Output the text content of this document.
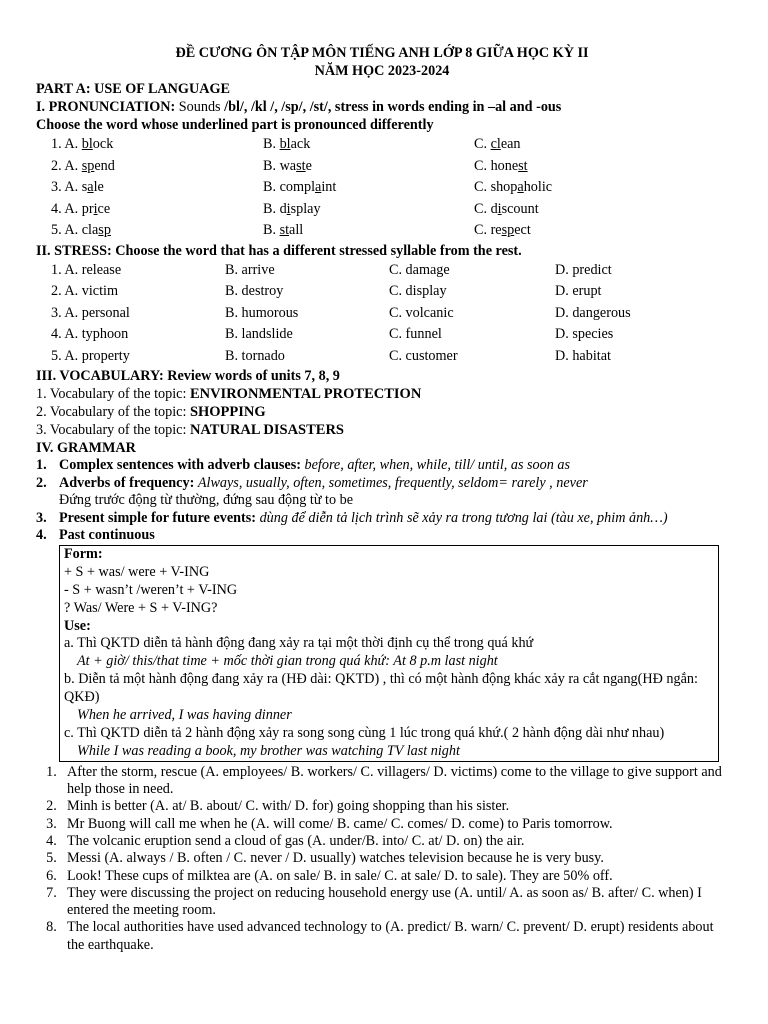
ĐỀ CƯƠNG ÔN TẬP MÔN TIẾNG ANH LỚP 8 GIỮA HỌC KỲ II
NĂM HỌC 2023-2024
PART A: USE OF LANGUAGE
I. PRONUNCIATION: Sounds /bl/, /kl /, /sp/, /st/, stress in words ending in –al and -ous
Choose the word whose underlined part is pronounced differently
1. A. block	B. black	C. clean
2. A. spend	B. waste	C. honest
3. A. sale	B. complaint	C. shopaholic
4. A. price	B. display	C. discount
5. A. clasp	B. stall	C. respect
II. STRESS: Choose the word that has a different stressed syllable from the rest.
1. A. release	B. arrive	C. damage	D. predict
2. A. victim	B. destroy	C. display	D. erupt
3. A. personal	B. humorous	C. volcanic	D. dangerous
4. A. typhoon	B. landslide	C. funnel	D. species
5. A. property	B. tornado	C. customer	D. habitat
III. VOCABULARY: Review words of units 7, 8, 9
1. Vocabulary of the topic: ENVIRONMENTAL PROTECTION
2. Vocabulary of the topic: SHOPPING
3. Vocabulary of the topic: NATURAL DISASTERS
IV. GRAMMAR
1. Complex sentences with adverb clauses: before, after, when, while, till/ until, as soon as
2. Adverbs of frequency: Always, usually, often, sometimes, frequently, seldom= rarely , never
Đứng trước động từ thường, đứng sau động từ to be
3. Present simple for future events: dùng để diễn tả lịch trình sẽ xảy ra trong tương lai (tàu xe, phim ảnh…)
4. Past continuous
Form:
+ S + was/ were + V-ING
- S + wasn’t /weren’t + V-ING
? Was/ Were + S + V-ING?
Use:
a. Thì QKTD diễn tả hành động đang xảy ra tại một thời định cụ thể trong quá khứ
At + giờ/ this/that time + mốc thời gian trong quá khứ: At 8 p.m last night
b. Diễn tả một hành động đang xảy ra (HĐ dài: QKTD) , thì có một hành động khác xảy ra cắt ngang(HĐ ngắn: QKĐ)
When he arrived, I was having dinner
c. Thì QKTD diễn tả 2 hành động xảy ra song song cùng 1 lúc trong quá khứ.( 2 hành động dài như nhau)
While I was reading a book, my brother was watching TV last night
1. After the storm, rescue (A. employees/ B. workers/ C. villagers/ D. victims) come to the village to give support and help those in need.
2. Minh is better (A. at/ B. about/ C. with/ D. for) going shopping than his sister.
3. Mr Buong will call me when he (A. will come/ B. came/ C. comes/ D. come) to Paris tomorrow.
4. The volcanic eruption send a cloud of gas (A. under/B. into/ C. at/ D. on) the air.
5. Messi (A. always / B. often / C. never / D. usually) watches television because he is very busy.
6. Look! These cups of milktea are (A. on sale/ B. in sale/ C. at sale/ D. to sale). They are 50% off.
7. They were discussing the project on reducing household energy use (A. until/ A. as soon as/ B. after/ C. when) I entered the meeting room.
8. The local authorities have used advanced technology to (A. predict/ B. warn/ C. prevent/ D. erupt) residents about the earthquake.
